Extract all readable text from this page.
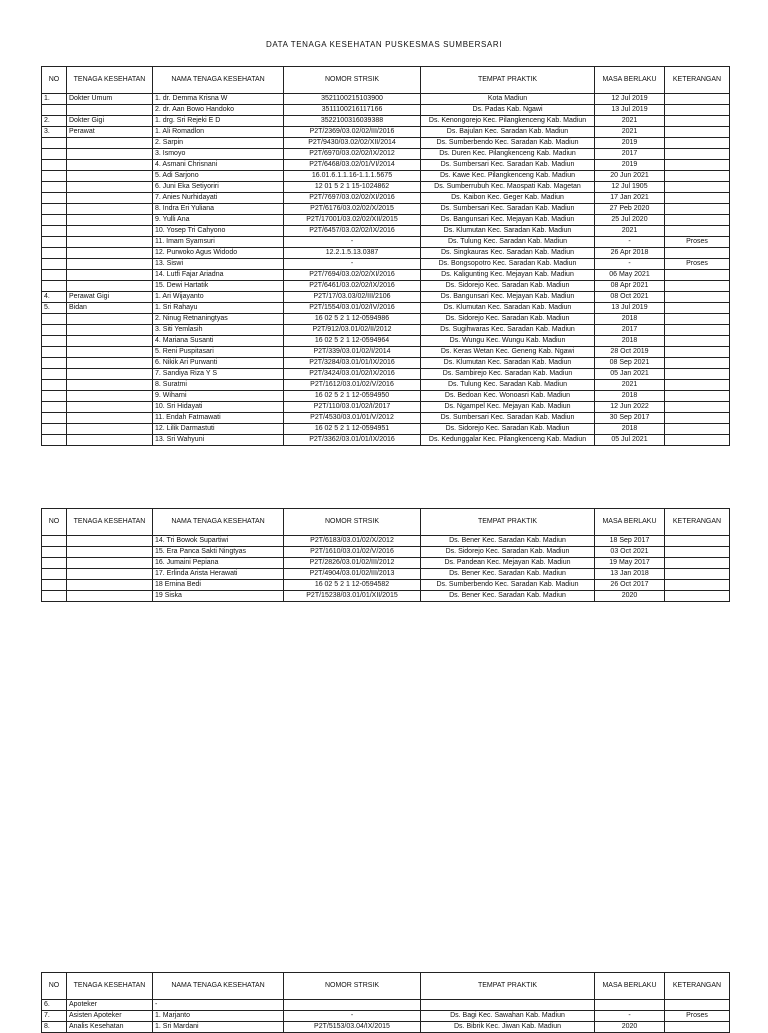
DATA TENAGA KESEHATAN PUSKESMAS SUMBERSARI
NO	TENAGA KESEHATAN	NAMA TENAGA KESEHATAN	NOMOR STRSIK	TEMPAT PRAKTIK	MASA BERLAKU	KETERANGAN
1.	Dokter Umum	1. dr. Demma Krisna W	3521100215103900	Kota Madiun	12 Jul 2019	
		2. dr. Aan Bowo Handoko	3511100216117166	Ds. Padas Kab. Ngawi	13 Jul 2019	
2.	Dokter Gigi	1. drg. Sri Rejeki E D	3522100316039388	Ds. Kenongorejo Kec. Pilangkenceng Kab. Madiun	2021	
3.	Perawat	1. Ali Romadlon	P2T/2369/03.02/02/III/2016	Ds. Bajulan Kec. Saradan Kab. Madiun	2021	
		2. Sarpin	P2T/9430/03.02/02/XII/2014	Ds. Sumberbendo Kec. Saradan Kab. Madiun	2019	
		3. Ismoyo	P2T/6970/03.02/02/IX/2012	Ds. Duren Kec. Pilangkenceng Kab. Madiun	2017	
		4. Asmani Chrisnani	P2T/6468/03.02/01/VI/2014	Ds. Sumbersari Kec. Saradan Kab. Madiun	2019	
		5. Adi Sarjono	16.01.6.1.1.16-1.1.1.5675	Ds. Kawe Kec. Pilangkenceng Kab. Madiun	20 Jun 2021	
		6. Juni Eka Setiyoriri	12 01 5 2 1 15-1024862	Ds. Sumberrubuh Kec. Maospati Kab. Magetan	12 Jul 1905	
		7. Anies Nurhidayati	P2T/7697/03.02/02/XI/2016	Ds. Kaibon Kec. Geger Kab. Madiun	17 Jan 2021	
		8. Indra Eri Yuliana	P2T/6176/03.02/02/X/2015	Ds. Sumbersari Kec. Saradan Kab. Madiun	27 Peb 2020	
		9. Yulli Ana	P2T/17001/03.02/02/XII/2015	Ds. Bangunsari Kec. Mejayan Kab. Madiun	25 Jul 2020	
		10. Yosep Tri Cahyono	P2T/6457/03.02/02/IX/2016	Ds. Klumutan Kec. Saradan Kab. Madiun	2021	
		11. Imam Syamsuri	-	Ds. Tulung Kec. Saradan Kab. Madiun	-	Proses
		12. Purwoko Agus Widodo	12.2.1.5.13.0387	Ds. Singkauras Kec. Saradan Kab. Madiun	26 Apr 2018	
		13. Siswi	-	Ds. Bongsopotro Kec. Saradan Kab. Madiun	-	Proses
		14. Lutfi Fajar Ariadna	P2T/7694/03.02/02/XI/2016	Ds. Kaligunting Kec. Mejayan Kab. Madiun	06 May 2021	
		15. Dewi Hartatik	P2T/6461/03.02/02/IX/2016	Ds. Sidorejo Kec. Saradan Kab. Madiun	08 Apr 2021	
4.	Perawat Gigi	1. Ari Wijayanto	P2T/17/03.03/02/III/2106	Ds. Bangunsari Kec. Mejayan Kab. Madiun	08 Oct 2021	
5.	Bidan	1. Sri Rahayu	P2T/1554/03.01/02/IV/2016	Ds. Klumutan Kec. Saradan Kab. Madiun	13 Jul 2019	
		2. Ninug Retnaningtyas	16 02 5 2 1 12-0594986	Ds. Sidorejo Kec. Saradan Kab. Madiun	2018	
		3. Siti Yemlasih	P2T/912/03.01/02/II/2012	Ds. Sugihwaras Kec. Saradan Kab. Madiun	2017	
		4. Mariana Susanti	16 02 5 2 1 12-0594964	Ds. Wungu Kec. Wungu Kab. Madiun	2018	
		5. Reni Puspitasari	P2T/339/03.01/02/I/2014	Ds. Keras Wetan Kec. Geneng Kab. Ngawi	28 Oct 2019	
		6. Nikik Ari Purwanti	P2T/3284/03.01/01/IX/2016	Ds. Klumutan Kec. Saradan Kab. Madiun	08 Sep 2021	
		7. Sandiya Riza Y S	P2T/3424/03.01/02/IX/2016	Ds. Sambirejo Kec. Saradan Kab. Madiun	05 Jan 2021	
		8. Suratmi	P2T/1612/03.01/02/V/2016	Ds. Tulung Kec. Saradan Kab. Madiun	2021	
		9. Wiharni	16 02 5 2 1 12-0594950	Ds. Bedoan Kec. Wonoasri Kab. Madiun	2018	
		10. Sri Hidayati	P2T/110/03.01/02/I/2017	Ds. Ngampel Kec. Mejayan Kab. Madiun	12 Jun 2022	
		11. Endah Fatmawati	P2T/4530/03.01/01/V/2012	Ds. Sumbersari Kec. Saradan Kab. Madiun	30 Sep 2017	
		12. Lilik Darmastuti	16 02 5 2 1 12-0594951	Ds. Sidorejo Kec. Saradan Kab. Madiun	2018	
		13. Sri Wahyuni	P2T/3362/03.01/01/IX/2016	Ds. Kedunggalar Kec. Pilangkenceng Kab. Madiun	05 Jul 2021	
NO	TENAGA KESEHATAN	NAMA TENAGA KESEHATAN	NOMOR STRSIK	TEMPAT PRAKTIK	MASA BERLAKU	KETERANGAN
		14. Tri Bowok Supartiwi	P2T/6183/03.01/02/X/2012	Ds. Bener Kec. Saradan Kab. Madiun	18 Sep 2017	
		15. Era Panca Sakti Ningtyas	P2T/1610/03.01/02/V/2016	Ds. Sidorejo Kec. Saradan Kab. Madiun	03 Oct 2021	
		16. Jumaini Pepiana	P2T/2826/03.01/02/III/2012	Ds. Pandean Kec. Mejayan Kab. Madiun	19 May 2017	
		17. Erlinda Arista Herawati	P2T/4904/03.01/02/III/2013	Ds. Bener Kec. Saradan Kab. Madiun	13 Jan 2018	
		18 Ernina Bedi	16 02 5 2 1 12-0594582	Ds. Sumberbendo Kec. Saradan Kab. Madiun	26 Oct 2017	
		19 Siska	P2T/15238/03.01/01/XII/2015	Ds. Bener Kec. Saradan Kab. Madiun	2020	
NO	TENAGA KESEHATAN	NAMA TENAGA KESEHATAN	NOMOR STRSIK	TEMPAT PRAKTIK	MASA BERLAKU	KETERANGAN
6.	Apoteker	-				
7.	Asisten Apoteker	1. Marjanto	-	Ds. Bagi Kec. Sawahan Kab. Madiun	-	Proses
8.	Analis Kesehatan	1. Sri Mardani	P2T/5153/03.04/IX/2015	Ds. Bibrik Kec. Jiwan Kab. Madiun	2020	
